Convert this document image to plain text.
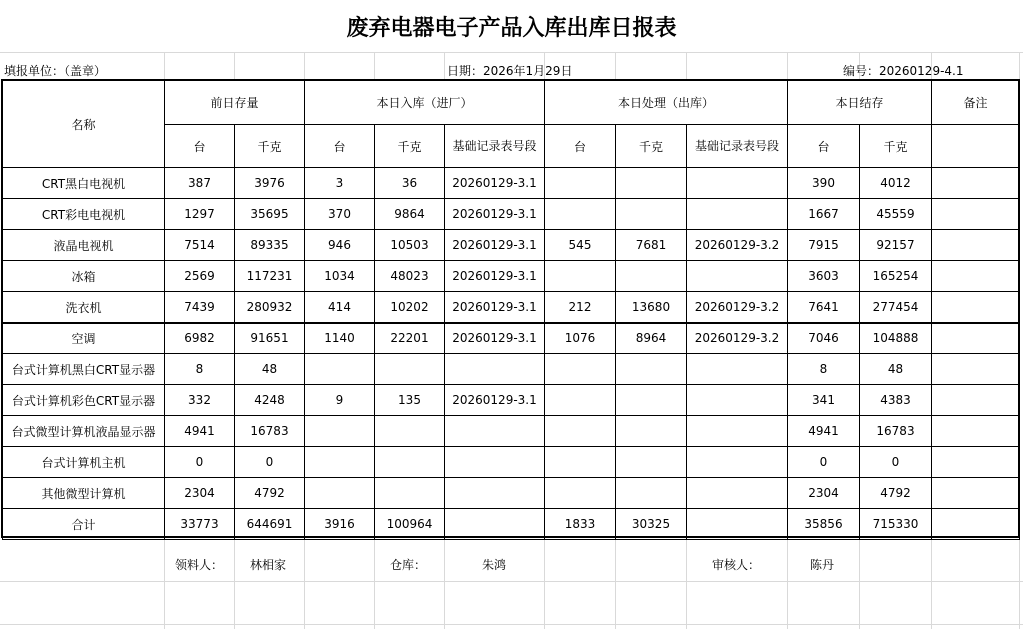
废弃电器电子产品入库出库日报表
填报单位：（盖章）	日期：2026年1月29日	编号：20260129-4.1
名称	前日存量		本日入库（进厂）			本日处理（出库）			本日结存		备注
	台	千克	台	千克	基础记录表号段	台	千克	基础记录表号段	台	千克	
CRT黑白电视机	387	3976	3	36	20260129-3.1				390	4012	
CRT彩电电视机	1297	35695	370	9864	20260129-3.1				1667	45559	
液晶电视机	7514	89335	946	10503	20260129-3.1	545	7681	20260129-3.2	7915	92157	
冰箱	2569	117231	1034	48023	20260129-3.1				3603	165254	
洗衣机	7439	280932	414	10202	20260129-3.1	212	13680	20260129-3.2	7641	277454	
空调	6982	91651	1140	22201	20260129-3.1	1076	8964	20260129-3.2	7046	104888	
台式计算机黑白CRT显示器	8	48							8	48	
台式计算机彩色CRT显示器	332	4248	9	135	20260129-3.1				341	4383	
台式微型计算机液晶显示器	4941	16783							4941	16783	
台式计算机主机	0	0							0	0	
其他微型计算机	2304	4792							2304	4792	
合计	33773	644691	3916	100964		1833	30325		35856	715330	
领料人： 林相家	仓库：	朱鸿	审核人：	陈丹
